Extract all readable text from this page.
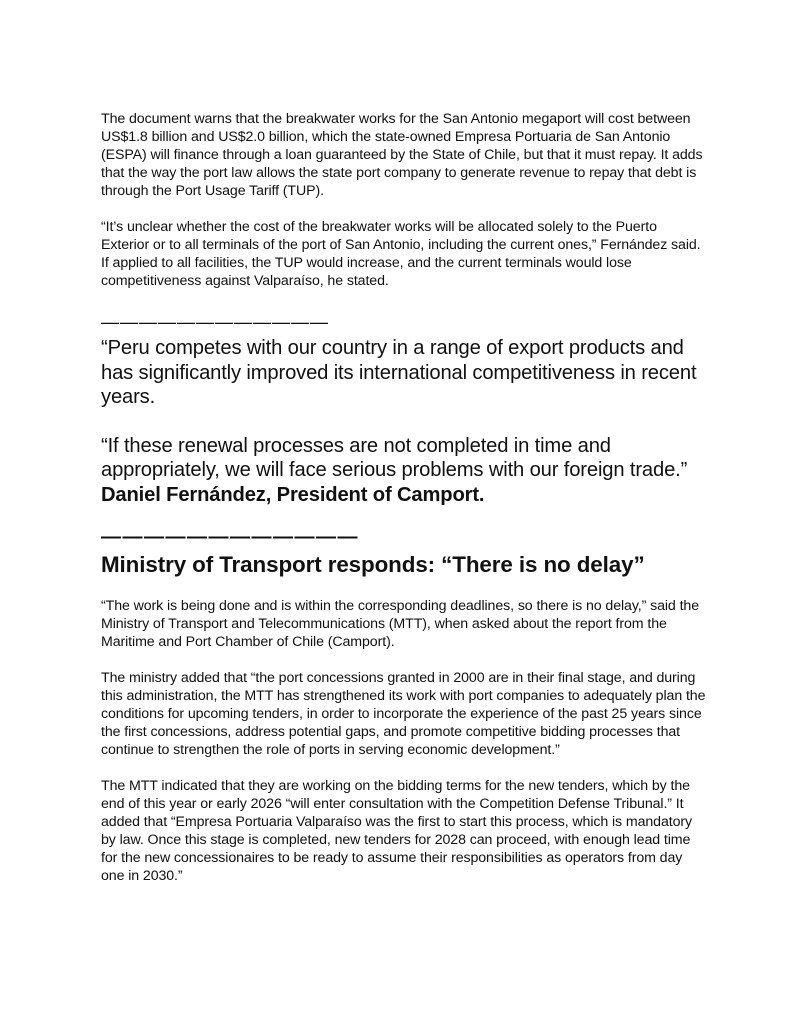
The document warns that the breakwater works for the San Antonio megaport will cost between US$1.8 billion and US$2.0 billion, which the state-owned Empresa Portuaria de San Antonio (ESPA) will finance through a loan guaranteed by the State of Chile, but that it must repay. It adds that the way the port law allows the state port company to generate revenue to repay that debt is through the Port Usage Tariff (TUP).

“It’s unclear whether the cost of the breakwater works will be allocated solely to the Puerto Exterior or to all terminals of the port of San Antonio, including the current ones,” Fernández said. If applied to all facilities, the TUP would increase, and the current terminals would lose competitiveness against Valparaíso, he stated.

————————————

“Peru competes with our country in a range of export products and has significantly improved its international competitiveness in recent years.

“If these renewal processes are not completed in time and appropriately, we will face serious problems with our foreign trade.”

Daniel Fernández, President of Camport.

————————————

Ministry of Transport responds: “There is no delay”

“The work is being done and is within the corresponding deadlines, so there is no delay,” said the Ministry of Transport and Telecommunications (MTT), when asked about the report from the Maritime and Port Chamber of Chile (Camport).

The ministry added that “the port concessions granted in 2000 are in their final stage, and during this administration, the MTT has strengthened its work with port companies to adequately plan the conditions for upcoming tenders, in order to incorporate the experience of the past 25 years since the first concessions, address potential gaps, and promote competitive bidding processes that continue to strengthen the role of ports in serving economic development.”

The MTT indicated that they are working on the bidding terms for the new tenders, which by the end of this year or early 2026 “will enter consultation with the Competition Defense Tribunal.” It added that “Empresa Portuaria Valparaíso was the first to start this process, which is mandatory by law. Once this stage is completed, new tenders for 2028 can proceed, with enough lead time for the new concessionaires to be ready to assume their responsibilities as operators from day one in 2030.”
